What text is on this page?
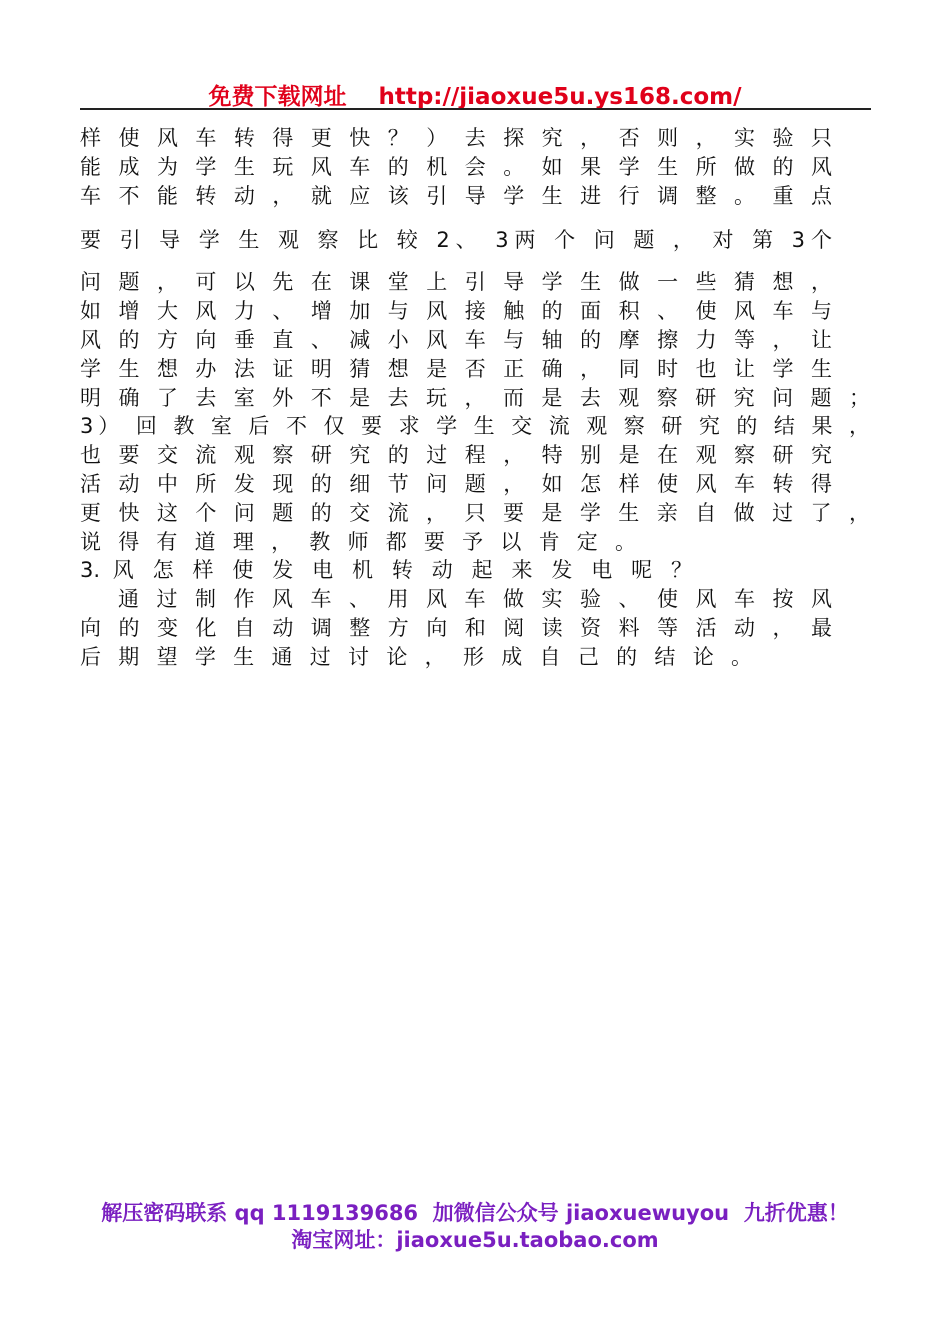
免费下载网址    http://jiaoxue5u.ys168.com/
样 使 风 车 转 得 更 快 ？ ） 去 探 究 ， 否 则 ， 实 验 只
能 成 为 学 生 玩 风 车 的 机 会 。 如 果 学 生 所 做 的 风
车 不 能 转 动 ， 就 应 该 引 导 学 生 进 行 调 整 。 重 点
要 引 导 学 生 观 察 比 较 2、 3两 个 问 题 ， 对 第 3个
问 题 ， 可 以 先 在 课 堂 上 引 导 学 生 做 一 些 猜 想 ，
如 增 大 风 力 、 增 加 与 风 接 触 的 面 积 、 使 风 车 与
风 的 方 向 垂 直 、 减 小 风 车 与 轴 的 摩 擦 力 等 ， 让
学 生 想 办 法 证 明 猜 想 是 否 正 确 ， 同 时 也 让 学 生
明 确 了 去 室 外 不 是 去 玩 ， 而 是 去 观 察 研 究 问 题 ；
3） 回 教 室 后 不 仅 要 求 学 生 交 流 观 察 研 究 的 结 果 ，
也 要 交 流 观 察 研 究 的 过 程 ， 特 别 是 在 观 察 研 究
活 动 中 所 发 现 的 细 节 问 题 ， 如 怎 样 使 风 车 转 得
更 快 这 个 问 题 的 交 流 ， 只 要 是 学 生 亲 自 做 过 了 ，
说 得 有 道 理 ， 教 师 都 要 予 以 肯 定 。
3. 风 怎 样 使 发 电 机 转 动 起 来 发 电 呢 ？
通 过 制 作 风 车 、 用 风 车 做 实 验 、 使 风 车 按 风
向 的 变 化 自 动 调 整 方 向 和 阅 读 资 料 等 活 动 ， 最
后 期 望 学 生 通 过 讨 论 ， 形 成 自 己 的 结 论 。
解压密码联系 qq 1119139686  加微信公众号 jiaoxuewuyou  九折优惠！
淘宝网址：jiaoxue5u.taobao.com
